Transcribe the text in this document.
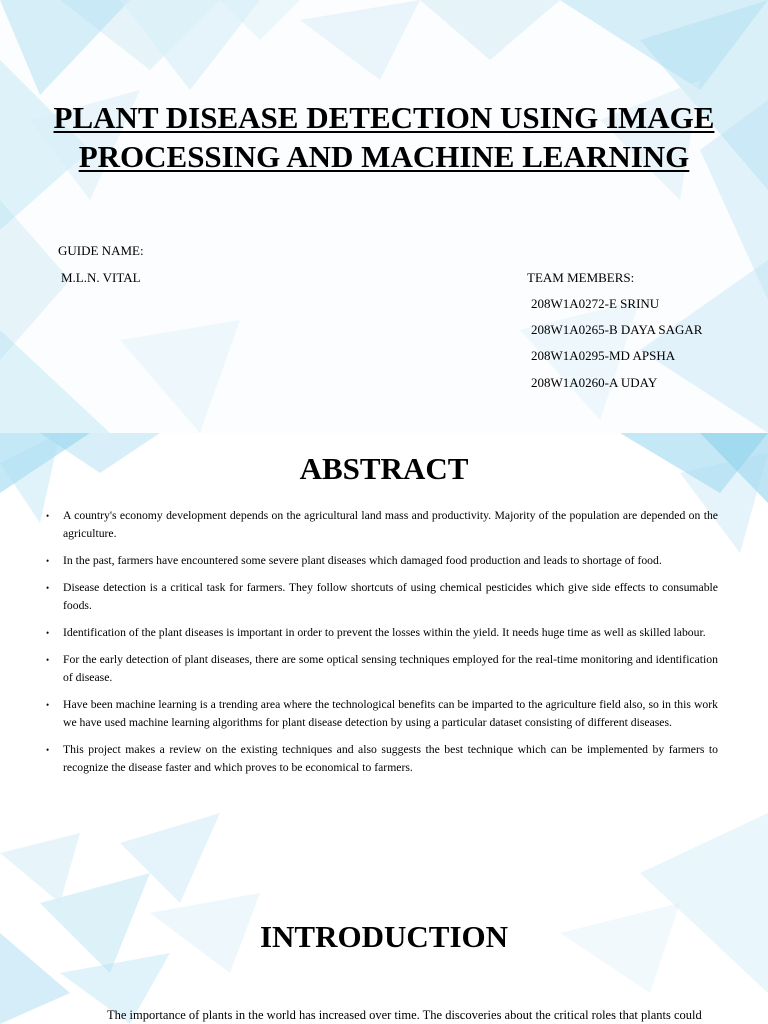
PLANT DISEASE DETECTION USING IMAGE
PROCESSING AND MACHINE LEARNING
GUIDE NAME:
M.L.N. VITAL	TEAM MEMBERS:
208W1A0272-E SRINU
208W1A0265-B DAYA SAGAR
208W1A0295-MD APSHA
208W1A0260-A UDAY
ABSTRACT
• A country's economy development depends on the agricultural land mass and productivity. Majority of the population are depended on the agriculture.
• In the past, farmers have encountered some severe plant diseases which damaged food production and leads to shortage of food.
• Disease detection is a critical task for farmers. They follow shortcuts of using chemical pesticides which give side effects to consumable foods.
• Identification of the plant diseases is important in order to prevent the losses within the yield. It needs huge time as well as skilled labour.
• For the early detection of plant diseases, there are some optical sensing techniques employed for the real-time monitoring and identification of disease.
• Have been machine learning is a trending area where the technological benefits can be imparted to the agriculture field also, so in this work we have used machine learning algorithms for plant disease detection by using a particular dataset consisting of different diseases.
• This project makes a review on the existing techniques and also suggests the best technique which can be implemented by farmers to recognize the disease faster and which proves to be economical to farmers.
INTRODUCTION
The importance of plants in the world has increased over time. The discoveries about the critical roles that plants could
